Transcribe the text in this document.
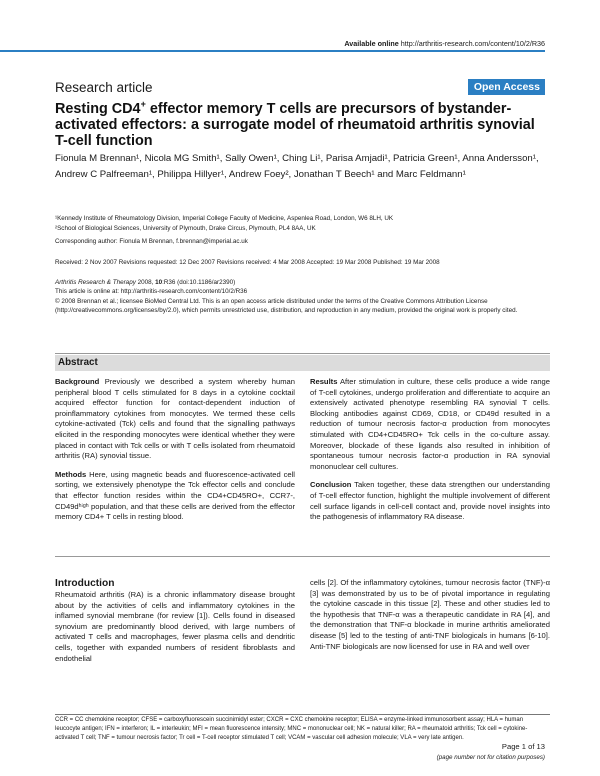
Available online http://arthritis-research.com/content/10/2/R36
Research article	Open Access
Resting CD4+ effector memory T cells are precursors of bystander-activated effectors: a surrogate model of rheumatoid arthritis synovial T-cell function
Fionula M Brennan¹, Nicola MG Smith¹, Sally Owen¹, Ching Li¹, Parisa Amjadi¹, Patricia Green¹, Anna Andersson¹, Andrew C Palfreeman¹, Philippa Hillyer¹, Andrew Foey², Jonathan T Beech¹ and Marc Feldmann¹
¹Kennedy Institute of Rheumatology Division, Imperial College Faculty of Medicine, Aspenlea Road, London, W6 8LH, UK
²School of Biological Sciences, University of Plymouth, Drake Circus, Plymouth, PL4 8AA, UK
Corresponding author: Fionula M Brennan, f.brennan@imperial.ac.uk
Received: 2 Nov 2007 Revisions requested: 12 Dec 2007 Revisions received: 4 Mar 2008 Accepted: 19 Mar 2008 Published: 19 Mar 2008
Arthritis Research & Therapy 2008, 10:R36 (doi:10.1186/ar2390)
This article is online at: http://arthritis-research.com/content/10/2/R36
© 2008 Brennan et al.; licensee BioMed Central Ltd. This is an open access article distributed under the terms of the Creative Commons Attribution License (http://creativecommons.org/licenses/by/2.0), which permits unrestricted use, distribution, and reproduction in any medium, provided the original work is properly cited.
Abstract

Background Previously we described a system whereby human peripheral blood T cells stimulated for 8 days in a cytokine cocktail acquired effector function for contact-dependent induction of proinflammatory cytokines from monocytes. We termed these cells cytokine-activated (Tck) cells and found that the signalling pathways elicited in the responding monocytes were identical whether they were placed in contact with Tck cells or with T cells isolated from rheumatoid arthritis (RA) synovial tissue.

Methods Here, using magnetic beads and fluorescence-activated cell sorting, we extensively phenotype the Tck effector cells and conclude that effector function resides within the CD4+CD45RO+, CCR7-, CD49dʰⁱᵍʰ population, and that these cells are derived from the effector memory CD4+ T cells in resting blood.

Results After stimulation in culture, these cells produce a wide range of T-cell cytokines, undergo proliferation and differentiate to acquire an extensively activated phenotype resembling RA synovial T cells. Blocking antibodies against CD69, CD18, or CD49d resulted in a reduction of tumour necrosis factor-α production from monocytes stimulated with CD4+CD45RO+ Tck cells in the co-culture assay. Moreover, blockade of these ligands also resulted in inhibition of spontaneous tumour necrosis factor-α production in RA synovial mononuclear cell cultures.

Conclusion Taken together, these data strengthen our understanding of T-cell effector function, highlight the multiple involvement of different cell surface ligands in cell-cell contact and, provide novel insights into the pathogenesis of inflammatory RA disease.

Introduction
Rheumatoid arthritis (RA) is a chronic inflammatory disease brought about by the activities of cells and inflammatory cytokines in the inflamed synovial membrane (for review [1]). Cells found in diseased synovium are predominantly blood derived, with large numbers of activated T cells and macrophages, fewer plasma cells and dendritic cells, together with expanded numbers of resident fibroblasts and endothelial
cells [2]. Of the inflammatory cytokines, tumour necrosis factor (TNF)-α [3] was demonstrated by us to be of pivotal importance in regulating the cytokine cascade in this tissue [2]. These and other studies led to the hypothesis that TNF-α was a therapeutic candidate in RA [4], and the demonstration that TNF-α blockade in murine arthritis ameliorated disease [5] led to the testing of anti-TNF biologicals in humans [6-10]. Anti-TNF biologicals are now licensed for use in RA and well over
CCR = CC chemokine receptor; CFSE = carboxyfluorescein succinimidyl ester; CXCR = CXC chemokine receptor; ELISA = enzyme-linked immunosorbent assay; HLA = human leucocyte antigen; IFN = interferon; IL = interleukin; MFI = mean fluorescence intensity; MNC = mononuclear cell; NK = natural killer; RA = rheumatoid arthritis; Tck cell = cytokine-activated T cell; TNF = tumour necrosis factor; Tr cell = T-cell receptor stimulated T cell; VCAM = vascular cell adhesion molecule; VLA = very late antigen.
Page 1 of 13
(page number not for citation purposes)
